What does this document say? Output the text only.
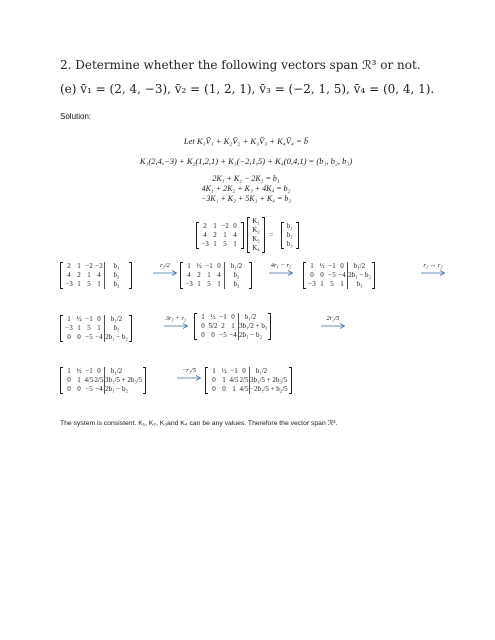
2. Determine whether the following vectors span ℛ³ or not.
(e) v̄₁ = (2, 4, −3), v̄₂ = (1, 2, 1), v̄₃ = (−2, 1, 5), v̄₄ = (0, 4, 1).
Solution:
Let K₁V̄₁ + K₂V̄₂ + K₃V̄₃ + K₄V̄₄ = b̄
K₁(2,4,−3) + K₂(1,2,1) + K₃(−2,1,5) + K₄(0,4,1) = (b₁, b₂, b₃)
2K₁ + K₂ − 2K₃ = b₁
4K₁ + 2K₂ + K₃ + 4K₄ = b₂
−3K₁ + K₂ + 5K₃ + K₄ = b₃
2 1 −2 0
4 2 1 4
−3 1 5 1
K₁
K₂
K₃
K₄
=
b₁
b₂
b₃
2 1 −2 −2	b₁
4 2 1 4	b₂
−3 1 5 1	b₃
r₁/2	1 ½ −1 0	b₁/2
4 2 1 4	b₂
−3 1 5 1	b₃
4r₁ − r₂	1 ½ −1 0	b₁/2
0 0 −5 −4 2b₁ − b₂
−3 1 5 1	b₃
r₂ ↔ r₂
1 ½ −1 0	b₁/2
−3 1 5 1	b₃
0 0 −5 −4 2b₁ − b₂
3r₁ + r₂	1 ½ −1 0	b₁/2
0 5/2 2 1 3b₁/2 + b₃
0 0 −5 −4 2b₁ − b₂
2r₂/5
1 ½ −1 0	b₁/2
0 1 4/5 2/5 3b₁/5 + 2b₃/5
0 0 −5 −4 2b₁ − b₂
−r₃/5	1 ½ −1 0	b₁/2
0 1 4/5 2/5 3b₁/5 + 2b₃/5
0 0 1 4/5 −2b₁/5 + b₂/5
The system is consistent. K₁, K₂, K₃and K₄ can be any values. Therefore the vector span ℛ³.
